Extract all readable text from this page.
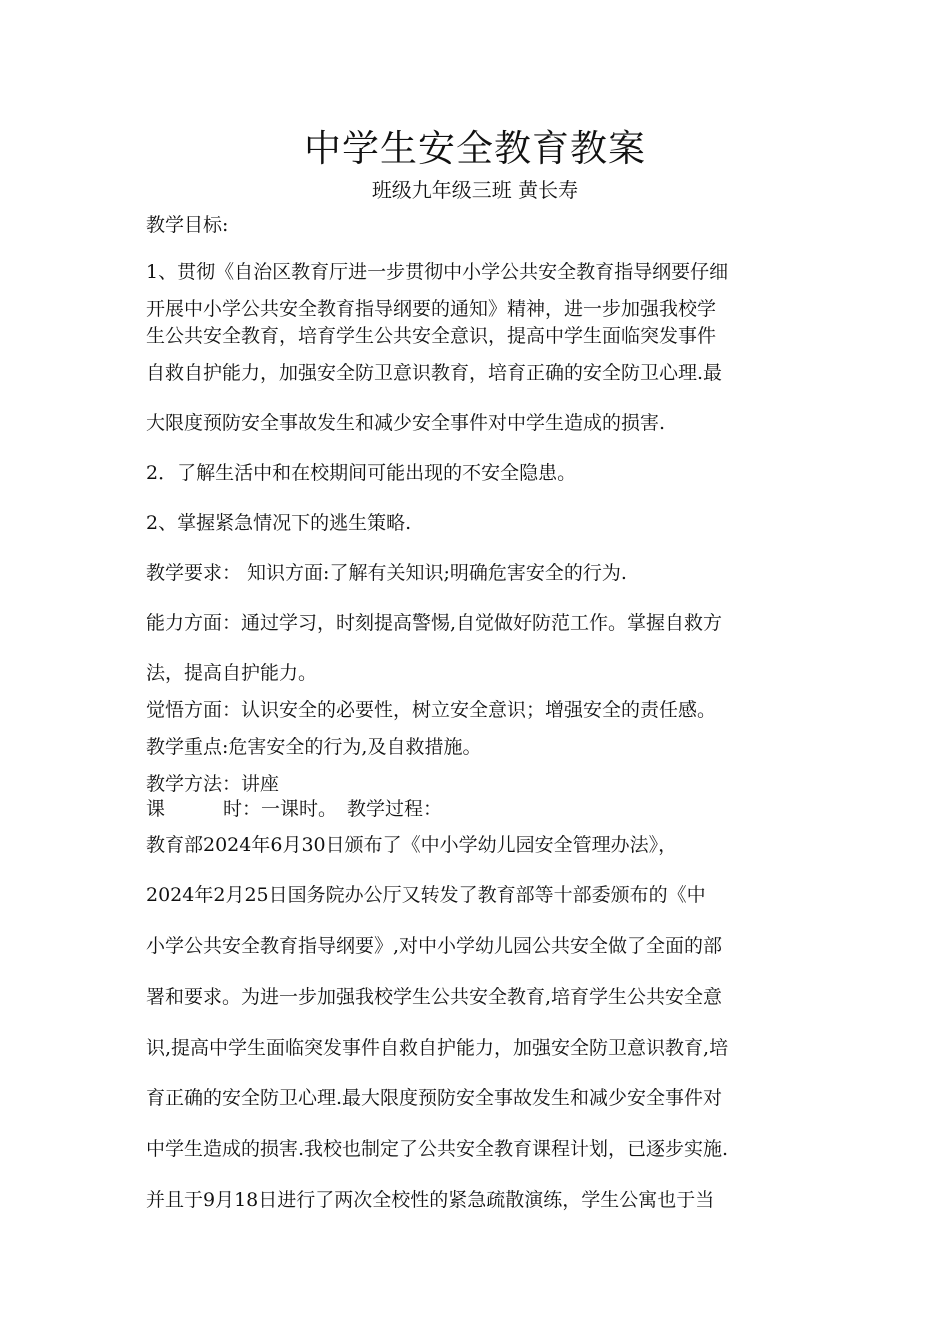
中学生安全教育教案
班级九年级三班 黄长寿
教学目标:
1、贯彻《自治区教育厅进一步贯彻中小学公共安全教育指导纲要仔细
开展中小学公共安全教育指导纲要的通知》精神，进一步加强我校学
生公共安全教育，培育学生公共安全意识，提高中学生面临突发事件
自救自护能力，加强安全防卫意识教育，培育正确的安全防卫心理.最
大限度预防安全事故发生和减少安全事件对中学生造成的损害.
2．了解生活中和在校期间可能出现的不安全隐患。
2、掌握紧急情况下的逃生策略.
教学要求： 知识方面:了解有关知识;明确危害安全的行为.
能力方面：通过学习，时刻提高警惕,自觉做好防范工作。掌握自救方
法，提高自护能力。
觉悟方面：认识安全的必要性，树立安全意识；增强安全的责任感。
教学重点:危害安全的行为,及自救措施。
教学方法：讲座
课	时：一课时。 教学过程：
教育部2024年6月30日颁布了《中小学幼儿园安全管理办法》，
2024年2月25日国务院办公厅又转发了教育部等十部委颁布的《中
小学公共安全教育指导纲要》,对中小学幼儿园公共安全做了全面的部
署和要求。为进一步加强我校学生公共安全教育,培育学生公共安全意
识,提高中学生面临突发事件自救自护能力，加强安全防卫意识教育,培
育正确的安全防卫心理.最大限度预防安全事故发生和减少安全事件对
中学生造成的损害.我校也制定了公共安全教育课程计划，已逐步实施.
并且于9月18日进行了两次全校性的紧急疏散演练，学生公寓也于当
